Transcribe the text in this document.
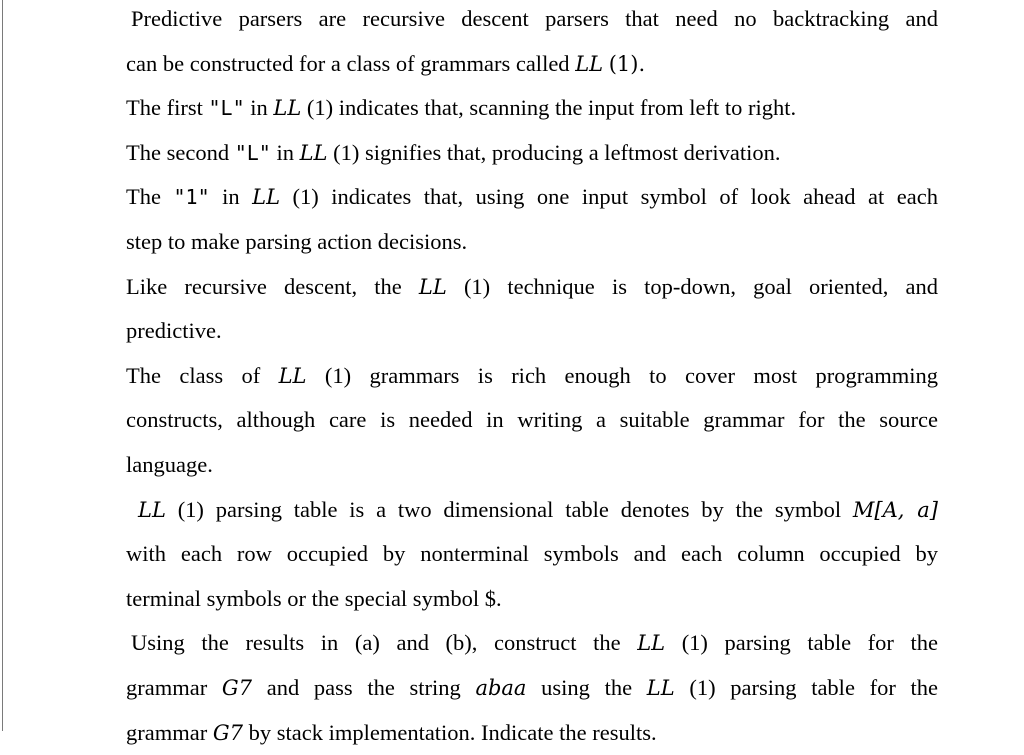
Predictive parsers are recursive descent parsers that need no backtracking and
can be constructed for a class of grammars called LL (1).
The first "L" in LL (1) indicates that, scanning the input from left to right.
The second "L" in LL (1) signifies that, producing a leftmost derivation.
The "1" in LL (1) indicates that, using one input symbol of look ahead at each
step to make parsing action decisions.
Like recursive descent, the LL (1) technique is top-down, goal oriented, and
predictive.
The class of LL (1) grammars is rich enough to cover most programming
constructs, although care is needed in writing a suitable grammar for the source
language.
LL (1) parsing table is a two dimensional table denotes by the symbol M[A, a]
with each row occupied by nonterminal symbols and each column occupied by
terminal symbols or the special symbol $.
Using the results in (a) and (b), construct the LL (1) parsing table for the
grammar G7 and pass the string abaa using the LL (1) parsing table for the
grammar G7 by stack implementation. Indicate the results.
